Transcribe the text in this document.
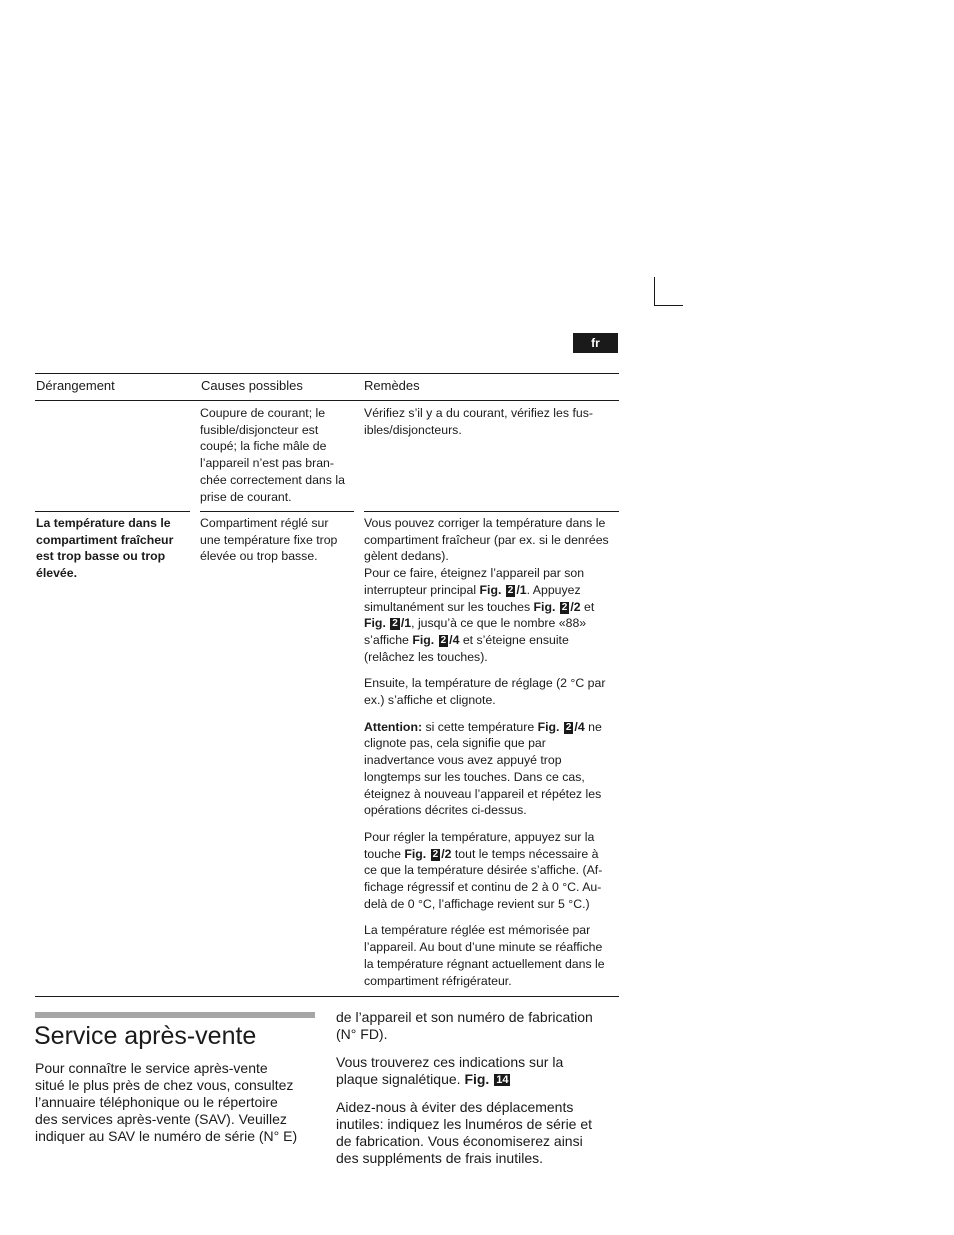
fr
Dérangement	Causes possibles	Remèdes
Coupure de courant; le
fusible/disjoncteur est
coupé; la fiche mâle de
l’appareil n’est pas bran-
chée correctement dans la
prise de courant.
Vérifiez s’il y a du courant, vérifiez les fus-
ibles/disjoncteurs.
La température dans le
compartiment fraîcheur
est trop basse ou trop
élevée.
Compartiment réglé sur
une température fixe trop
élevée ou trop basse.

Vous pouvez corriger la température dans le
compartiment fraîcheur (par ex. si le denrées
gèlent dedans).
Pour ce faire, éteignez l’appareil par son
interrupteur principal Fig. 2 /1. Appuyez
simultanément sur les touches Fig. 2 /2 et
Fig. 2 /1, jusqu’à ce que le nombre «88»
s’affiche Fig. 2 /4 et s’éteigne ensuite
(relâchez les touches).

Ensuite, la température de réglage (2 °C par
ex.) s’affiche et clignote.

Attention: si cette température Fig. 2 /4 ne
clignote pas, cela signifie que par
inadvertance vous avez appuyé trop
longtemps sur les touches. Dans ce cas,
éteignez à nouveau l’appareil et répétez les
opérations décrites ci-dessus.

Pour régler la température, appuyez sur la
touche Fig. 2 /2 tout le temps nécessaire à
ce que la température désirée s’affiche. (Af-
fichage régressif et continu de 2 à 0 °C. Au-
delà de 0 °C, l’affichage revient sur 5 °C.)

La température réglée est mémorisée par
l’appareil. Au bout d’une minute se réaffiche
la température régnant actuellement dans le
compartiment réfrigérateur.

Service après-vente
Pour connaître le service après-vente
situé le plus près de chez vous, consultez
l’annuaire téléphonique ou le répertoire
des services après-vente (SAV). Veuillez
indiquer au SAV le numéro de série (N° E)

de l’appareil et son numéro de fabrication
(N° FD).

Vous trouverez ces indications sur la
plaque signalétique. Fig. 14

Aidez-nous à éviter des déplacements
inutiles: indiquez les lnuméros de série et
de fabrication. Vous économiserez ainsi
des suppléments de frais inutiles.
